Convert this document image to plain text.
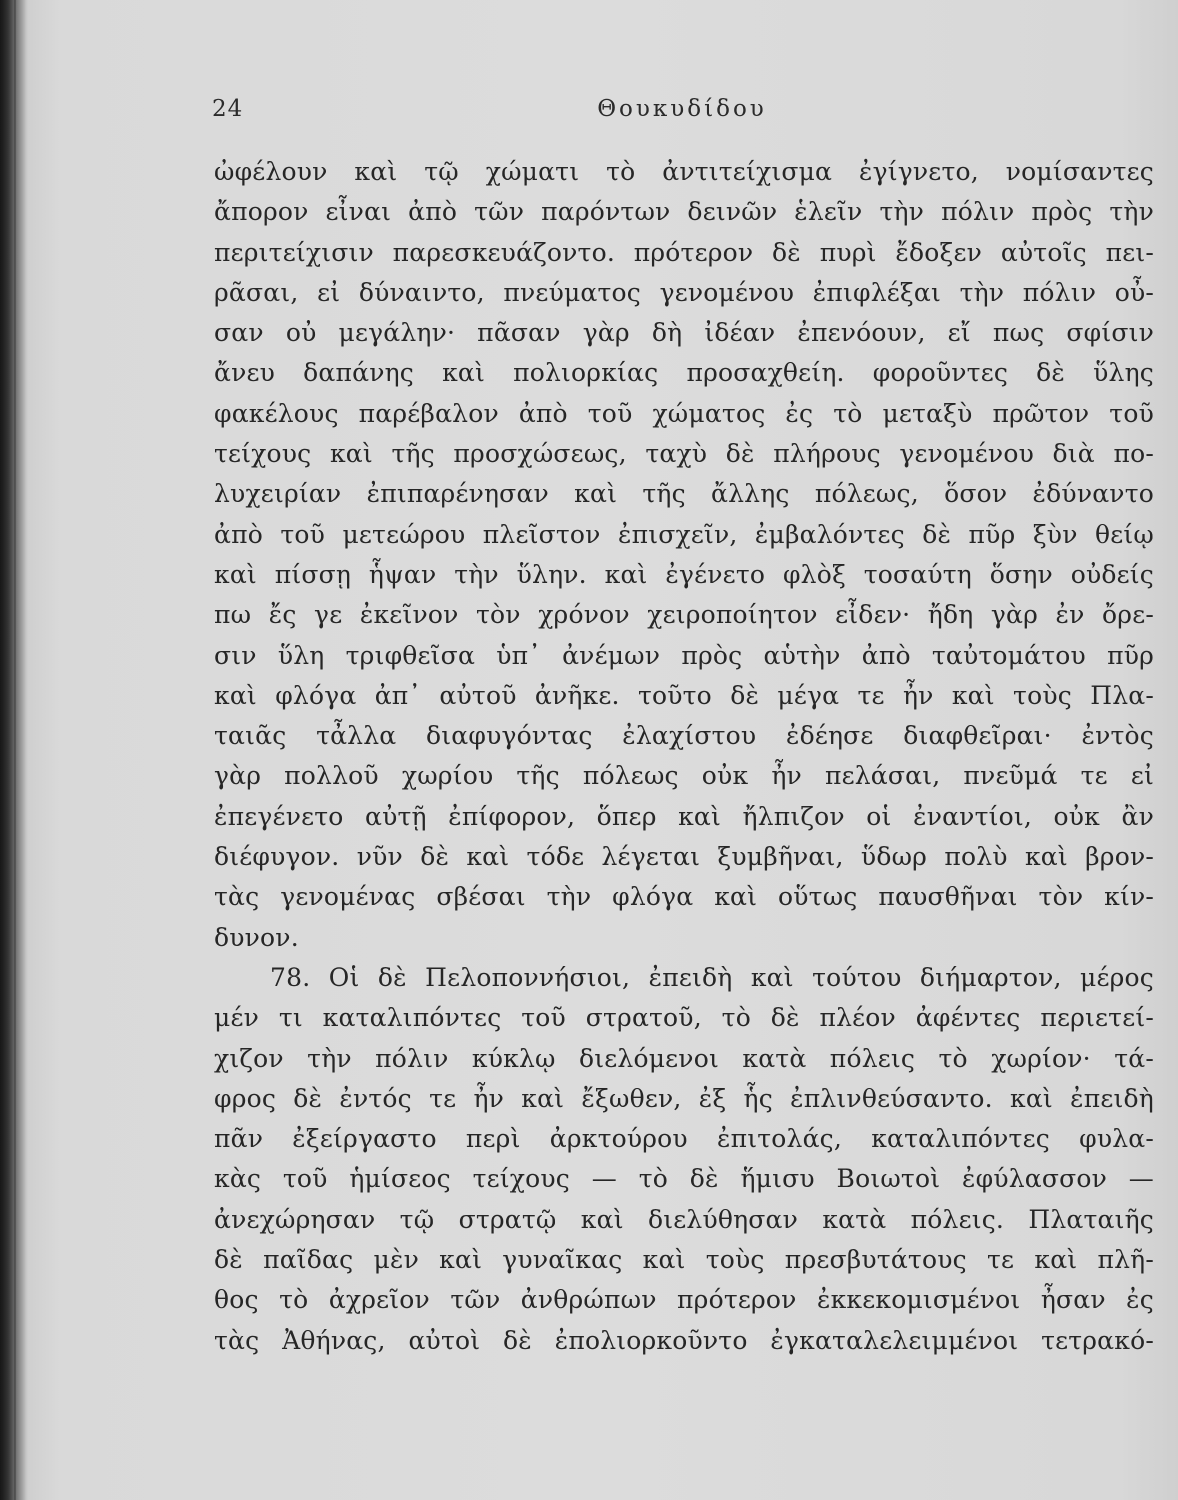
24	Θουκυδίδου
ὠφέλουν καὶ τῷ χώματι τὸ ἀντιτείχισμα ἐγίγνετο, νομίσαντες
ἄπορον εἶναι ἀπὸ τῶν παρόντων δεινῶν ἑλεῖν τὴν πόλιν πρὸς τὴν
περιτείχισιν παρεσκευάζοντο. πρότερον δὲ πυρὶ ἔδοξεν αὐτοῖς πει-
ρᾶσαι, εἰ δύναιντο, πνεύματος γενομένου ἐπιφλέξαι τὴν πόλιν οὖ-
σαν οὐ μεγάλην· πᾶσαν γὰρ δὴ ἰδέαν ἐπενόουν, εἴ πως σφίσιν
ἄνευ δαπάνης καὶ πολιορκίας προσαχθείη. φοροῦντες δὲ ὕλης
φακέλους παρέβαλον ἀπὸ τοῦ χώματος ἐς τὸ μεταξὺ πρῶτον τοῦ
τείχους καὶ τῆς προσχώσεως, ταχὺ δὲ πλήρους γενομένου διὰ πο-
λυχειρίαν ἐπιπαρένησαν καὶ τῆς ἄλλης πόλεως, ὅσον ἐδύναντο
ἀπὸ τοῦ μετεώρου πλεῖστον ἐπισχεῖν, ἐμβαλόντες δὲ πῦρ ξὺν θείῳ
καὶ πίσσῃ ἧψαν τὴν ὕλην. καὶ ἐγένετο φλὸξ τοσαύτη ὅσην οὐδείς
πω ἔς γε ἐκεῖνον τὸν χρόνον χειροποίητον εἶδεν· ἤδη γὰρ ἐν ὄρε-
σιν ὕλη τριφθεῖσα ὑπ᾽ ἀνέμων πρὸς αὑτὴν ἀπὸ ταὐτομάτου πῦρ
καὶ φλόγα ἀπ᾽ αὐτοῦ ἀνῆκε. τοῦτο δὲ μέγα τε ἦν καὶ τοὺς Πλα-
ταιᾶς τἆλλα διαφυγόντας ἐλαχίστου ἐδέησε διαφθεῖραι· ἐντὸς
γὰρ πολλοῦ χωρίου τῆς πόλεως οὐκ ἦν πελάσαι, πνεῦμά τε εἰ
ἐπεγένετο αὐτῇ ἐπίφορον, ὅπερ καὶ ἤλπιζον οἱ ἐναντίοι, οὐκ ἂν
διέφυγον. νῦν δὲ καὶ τόδε λέγεται ξυμβῆναι, ὕδωρ πολὺ καὶ βρον-
τὰς γενομένας σβέσαι τὴν φλόγα καὶ οὕτως παυσθῆναι τὸν κίν-
δυνον.
78. Οἱ δὲ Πελοποννήσιοι, ἐπειδὴ καὶ τούτου διήμαρτον, μέρος
μέν τι καταλιπόντες τοῦ στρατοῦ, τὸ δὲ πλέον ἀφέντες περιετεί-
χιζον τὴν πόλιν κύκλῳ διελόμενοι κατὰ πόλεις τὸ χωρίον· τά-
φρος δὲ ἐντός τε ἦν καὶ ἔξωθεν, ἐξ ἧς ἐπλινθεύσαντο. καὶ ἐπειδὴ
πᾶν ἐξείργαστο περὶ ἀρκτούρου ἐπιτολάς, καταλιπόντες φυλα-
κὰς τοῦ ἡμίσεος τείχους — τὸ δὲ ἥμισυ Βοιωτοὶ ἐφύλασσον —
ἀνεχώρησαν τῷ στρατῷ καὶ διελύθησαν κατὰ πόλεις. Πλαταιῆς
δὲ παῖδας μὲν καὶ γυναῖκας καὶ τοὺς πρεσβυτάτους τε καὶ πλῆ-
θος τὸ ἀχρεῖον τῶν ἀνθρώπων πρότερον ἐκκεκομισμένοι ἦσαν ἐς
τὰς Ἀθήνας, αὐτοὶ δὲ ἐπολιορκοῦντο ἐγκαταλελειμμένοι τετρακό-
